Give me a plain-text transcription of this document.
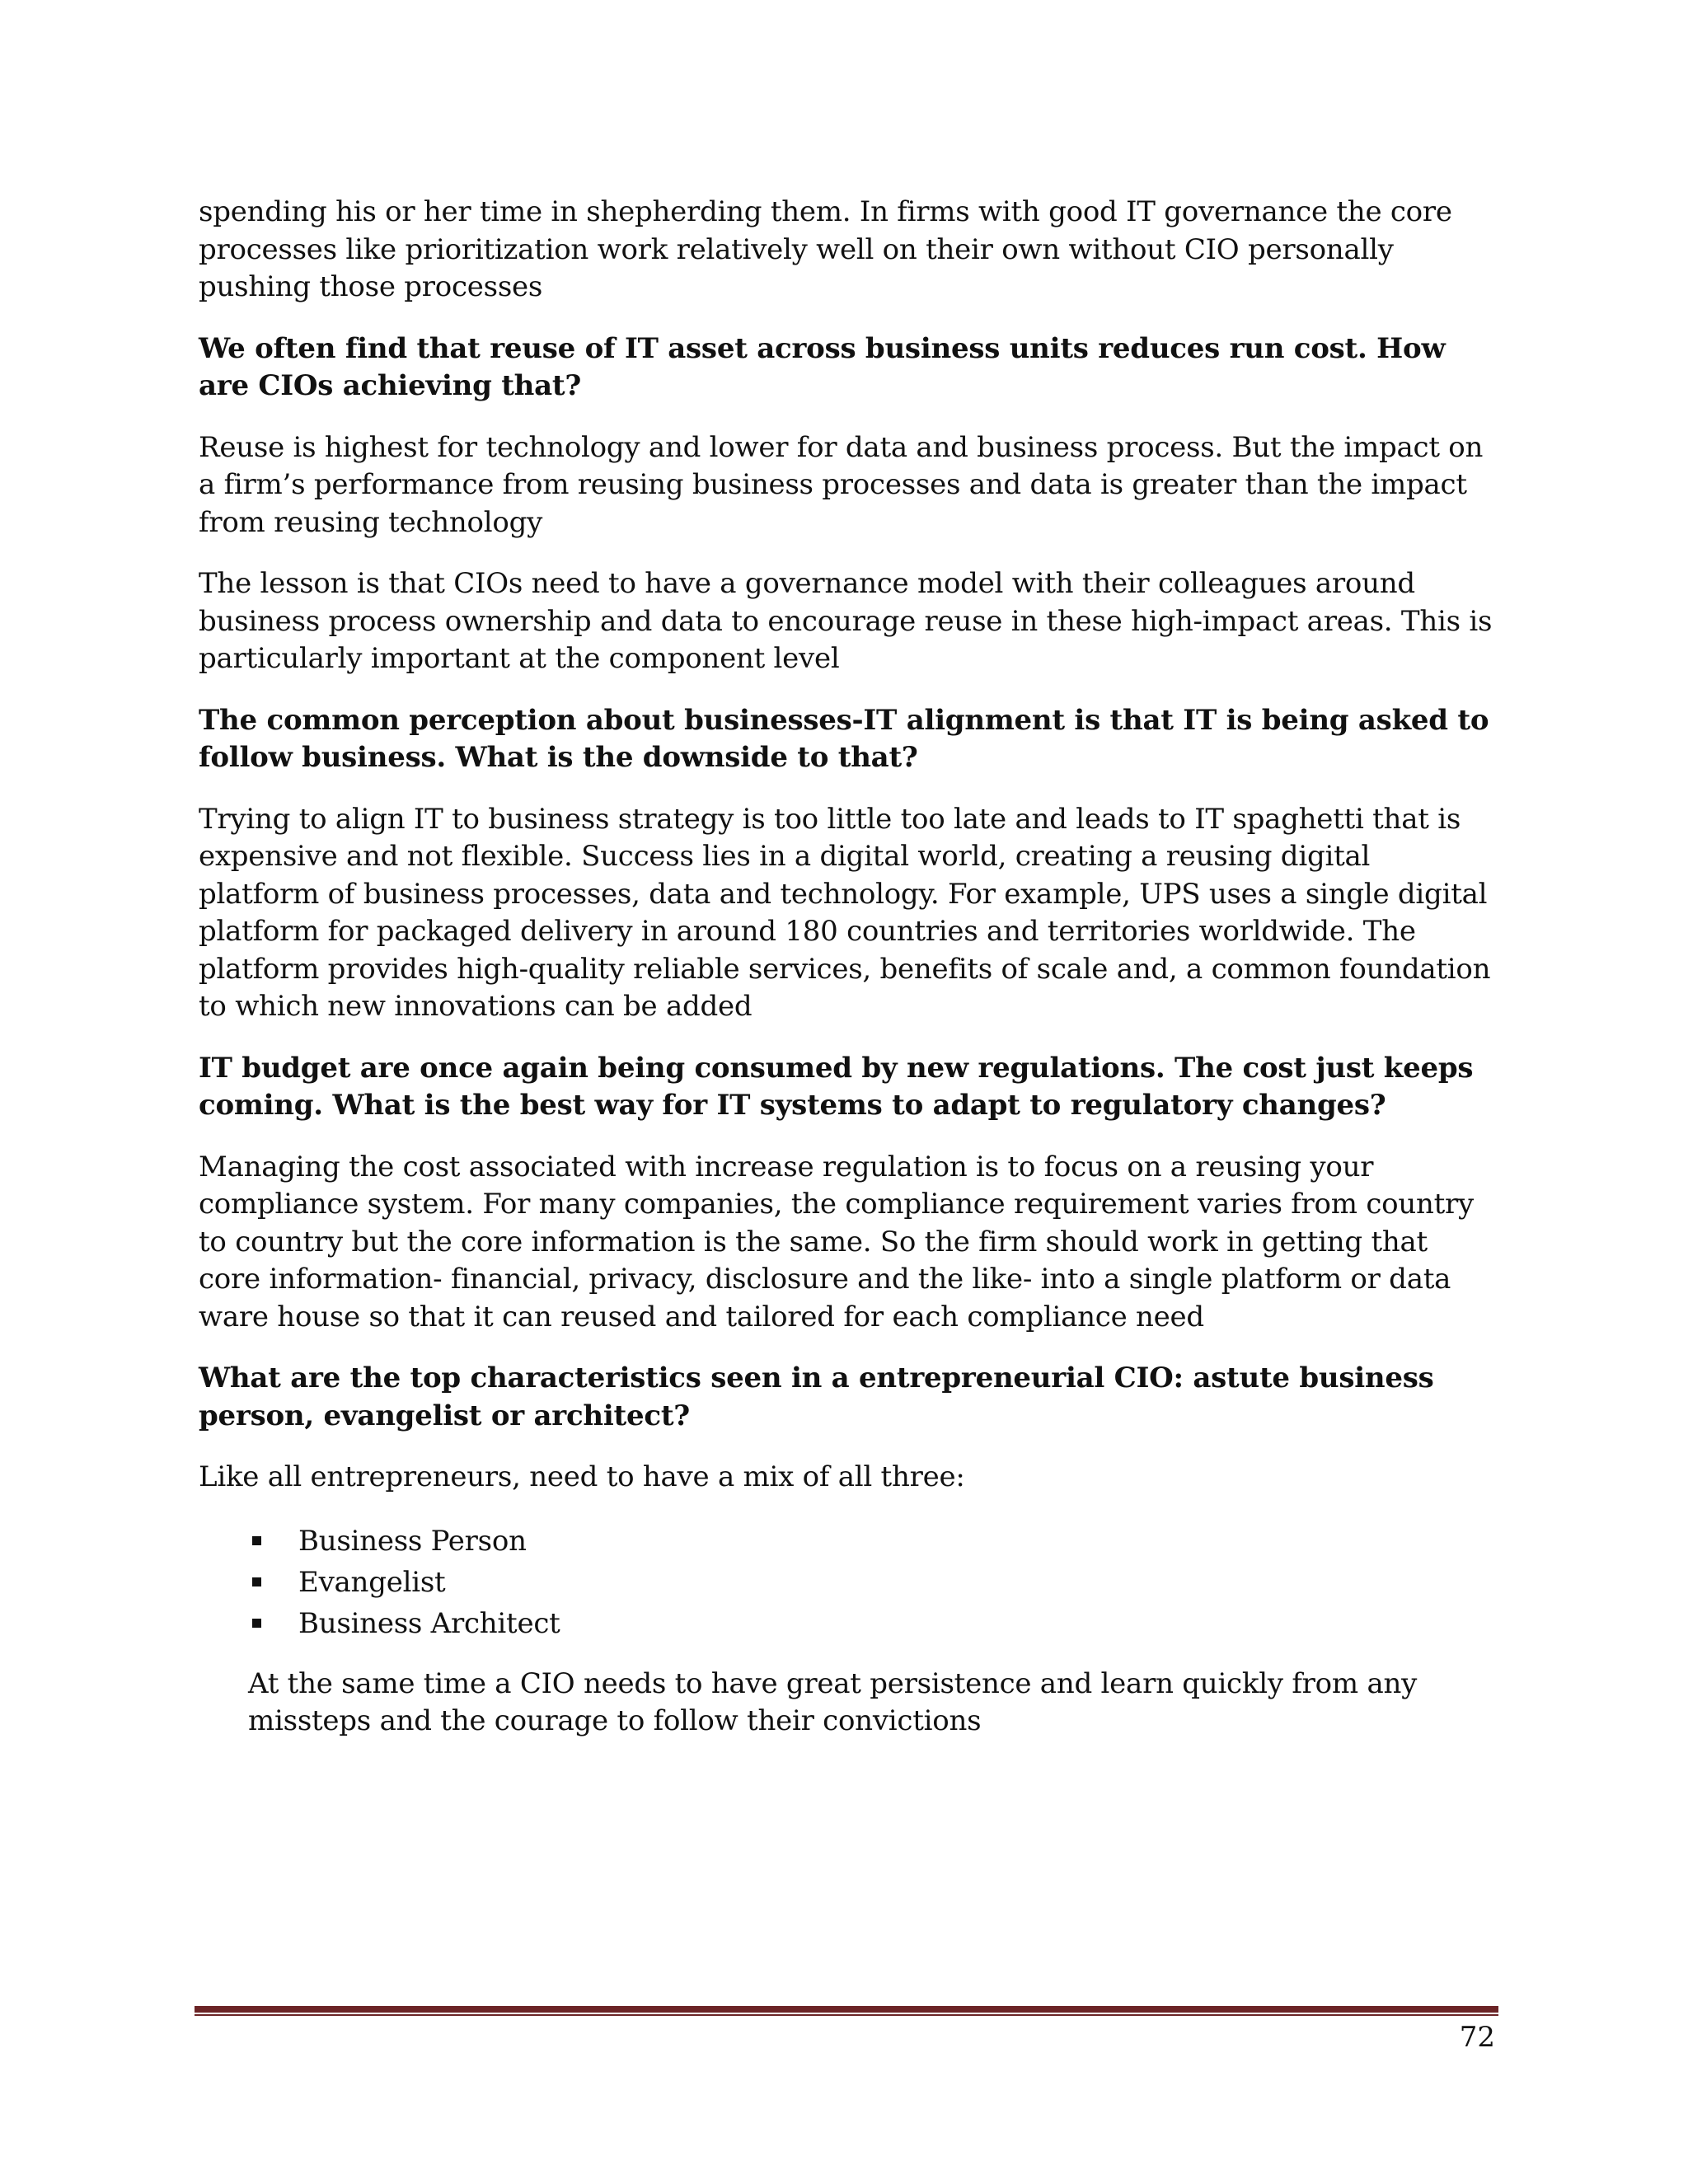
spending his or her time in shepherding them. In firms with good IT governance the core processes like prioritization work relatively well on their own without CIO personally pushing those processes

We often find that reuse of IT asset across business units reduces run cost. How are CIOs achieving that?

Reuse is highest for technology and lower for data and business process. But the impact on a firm’s performance from reusing business processes and data is greater than the impact from reusing technology

The lesson is that CIOs need to have a governance model with their colleagues around business process ownership and data to encourage reuse in these high-impact areas. This is particularly important at the component level

The common perception about businesses-IT alignment is that IT is being asked to follow business. What is the downside to that?

Trying to align IT to business strategy is too little too late and leads to IT spaghetti that is expensive and not flexible. Success lies in a digital world, creating a reusing digital platform of business processes, data and technology. For example, UPS uses a single digital platform for packaged delivery in around 180 countries and territories worldwide. The platform provides high-quality reliable services, benefits of scale and, a common foundation to which new innovations can be added

IT budget are once again being consumed by new regulations. The cost just keeps coming. What is the best way for IT systems to adapt to regulatory changes?

Managing the cost associated with increase regulation is to focus on a reusing your compliance system. For many companies, the compliance requirement varies from country to country but the core information is the same. So the firm should work in getting that core information- financial, privacy, disclosure and the like- into a single platform or data ware house so that it can reused and tailored for each compliance need

What are the top characteristics seen in a entrepreneurial CIO: astute business person, evangelist or architect?

Like all entrepreneurs, need to have a mix of all three:

Business Person
Evangelist
Business Architect

At the same time a CIO needs to have great persistence and learn quickly from any missteps and the courage to follow their convictions

72
